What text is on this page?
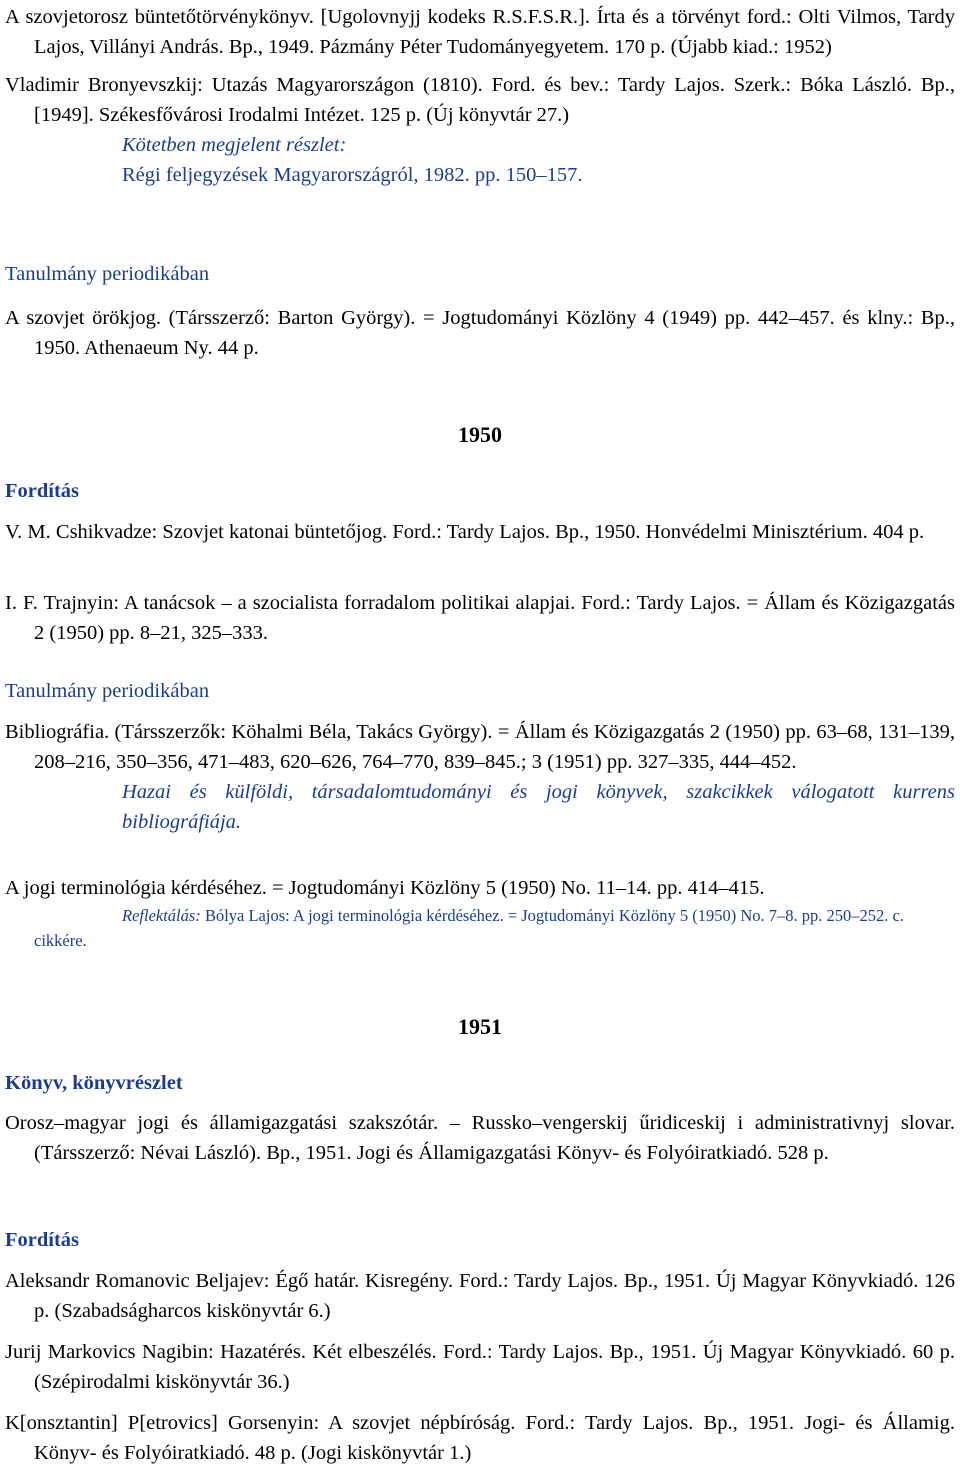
A szovjetorosz büntetőtörvénykönyv. [Ugolovnyjj kodeks R.S.F.S.R.]. Írta és a törvényt ford.: Olti Vilmos, Tardy Lajos, Villányi András. Bp., 1949. Pázmány Péter Tudományegyetem. 170 p. (Újabb kiad.: 1952)

Vladimir Bronyevszkij: Utazás Magyarországon (1810). Ford. és bev.: Tardy Lajos. Szerk.: Bóka László. Bp., [1949]. Székesfővárosi Irodalmi Intézet. 125 p. (Új könyvtár 27.)

Kötetben megjelent részlet:

Régi feljegyzések Magyarországról, 1982. pp. 150‒157.

Tanulmány periodikában

A szovjet örökjog. (Társszerző: Barton György). = Jogtudományi Közlöny 4 (1949) pp. 442‒457. és klny.: Bp., 1950. Athenaeum Ny. 44 p.

1950

Fordítás

V. M. Cshikvadze: Szovjet katonai büntetőjog. Ford.: Tardy Lajos. Bp., 1950. Honvédelmi Minisztérium. 404 p.

I. F. Trajnyin: A tanácsok ‒ a szocialista forradalom politikai alapjai. Ford.: Tardy Lajos. = Állam és Közigazgatás 2 (1950) pp. 8‒21, 325‒333.

Tanulmány periodikában

Bibliográfia. (Társszerzők: Köhalmi Béla, Takács György). = Állam és Közigazgatás 2 (1950) pp. 63‒68, 131‒139, 208‒216, 350‒356, 471‒483, 620‒626, 764‒770, 839‒845.; 3 (1951) pp. 327‒335, 444‒452.

Hazai és külföldi, társadalomtudományi és jogi könyvek, szakcikkek válogatott kurrens bibliográfiája.

A jogi terminológia kérdéséhez. = Jogtudományi Közlöny 5 (1950) No. 11‒14. pp. 414‒415.

Reflektálás: Bólya Lajos: A jogi terminológia kérdéséhez. = Jogtudományi Közlöny 5 (1950) No. 7‒8. pp. 250‒252. c. cikkére.

1951

Könyv, könyvrészlet

Orosz‒magyar jogi és államigazgatási szakszótár. ‒ Russko‒vengerskij űridiceskij i administrativnyj slovar. (Társszerző: Névai László). Bp., 1951. Jogi és Államigazgatási Könyv- és Folyóiratkiadó. 528 p.

Fordítás

Aleksandr Romanovic Beljajev: Égő határ. Kisregény. Ford.: Tardy Lajos. Bp., 1951. Új Magyar Könyvkiadó. 126 p. (Szabadságharcos kiskönyvtár 6.)

Jurij Markovics Nagibin: Hazatérés. Két elbeszélés. Ford.: Tardy Lajos. Bp., 1951. Új Magyar Könyvkiadó. 60 p. (Szépirodalmi kiskönyvtár 36.)

K[onsztantin] P[etrovics] Gorsenyin: A szovjet népbíróság. Ford.: Tardy Lajos. Bp., 1951. Jogi- és Államig. Könyv- és Folyóiratkiadó. 48 p. (Jogi kiskönyvtár 1.)
